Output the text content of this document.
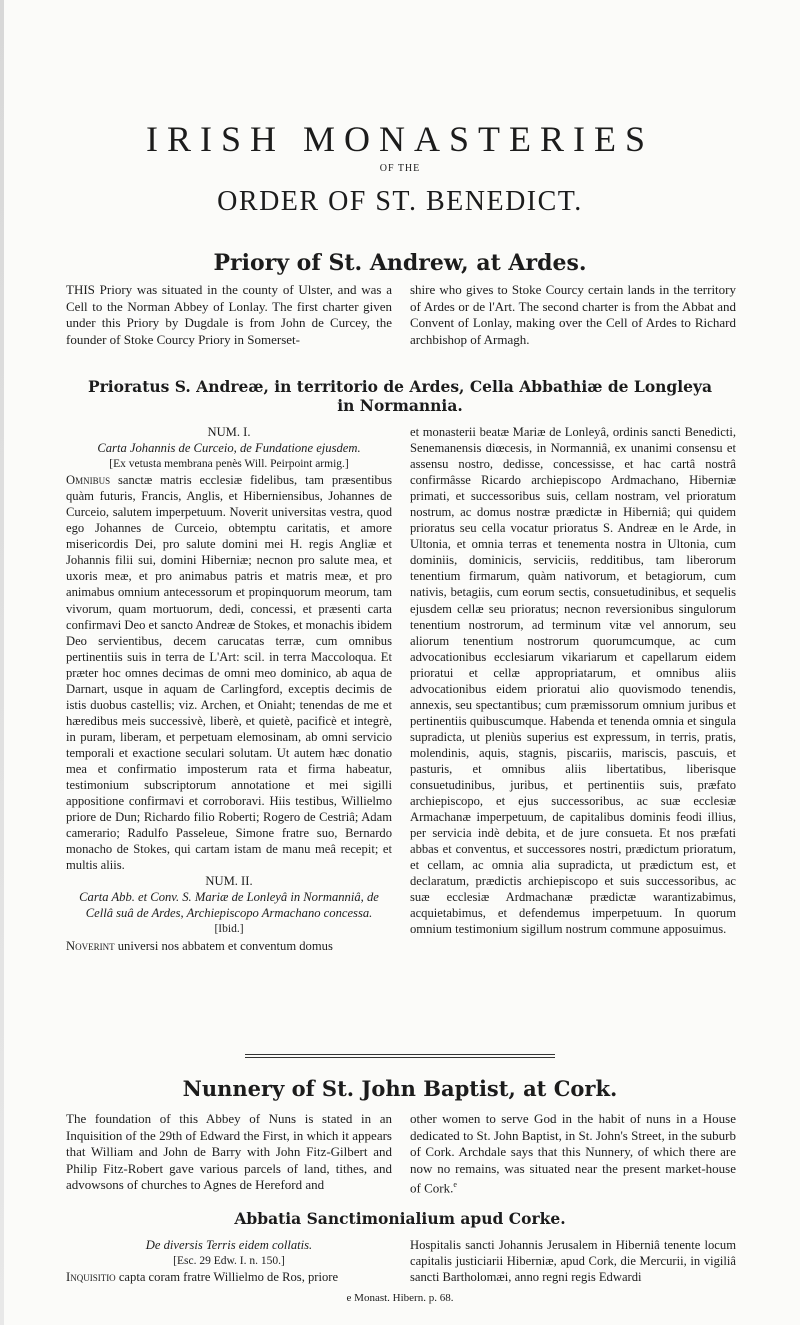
IRISH MONASTERIES
OF THE
ORDER OF ST. BENEDICT.
Priory of St. Andrew, at Ardes.

THIS Priory was situated in the county of Ulster, and was a Cell to the Norman Abbey of Lonlay. The first charter given under this Priory by Dugdale is from John de Curcey, the founder of Stoke Courcy Priory in Somerset-

shire who gives to Stoke Courcy certain lands in the territory of Ardes or de l'Art. The second charter is from the Abbat and Convent of Lonlay, making over the Cell of Ardes to Richard archbishop of Armagh.

Prioratus S. Andreæ, in territorio de Ardes, Cella Abbathiæ de Longleya
in Normannia.
NUM. I.
Carta Johannis de Curceio, de Fundatione ejusdem.
[Ex vetusta membrana penès Will. Peirpoint armig.]

Omnibus sanctæ matris ecclesiæ fidelibus, tam præsentibus quàm futuris, Francis, Anglis, et Hiberniensibus, Johannes de Curceio, salutem imperpetuum. Noverit universitas vestra, quod ego Johannes de Curceio, obtemptu caritatis, et amore misericordis Dei, pro salute domini mei H. regis Angliæ et Johannis filii sui, domini Hiberniæ; necnon pro salute mea, et uxoris meæ, et pro animabus patris et matris meæ, et pro animabus omnium antecessorum et propinquorum meorum, tam vivorum, quam mortuorum, dedi, concessi, et præsenti carta confirmavi Deo et sancto Andreæ de Stokes, et monachis ibidem Deo servientibus, decem carucatas terræ, cum omnibus pertinentiis suis in terra de L'Art: scil. in terra Maccoloqua. Et præter hoc omnes decimas de omni meo dominico, ab aqua de Darnart, usque in aquam de Carlingford, exceptis decimis de istis duobus castellis; viz. Archen, et Oniaht; tenendas de me et hæredibus meis successivè, liberè, et quietè, pacificè et integrè, in puram, liberam, et perpetuam elemosinam, ab omni servicio temporali et exactione seculari solutam. Ut autem hæc donatio mea et confirmatio imposterum rata et firma habeatur, testimonium subscriptorum annotatione et mei sigilli appositione confirmavi et corroboravi. Hiis testibus, Willielmo priore de Dun; Richardo filio Roberti; Rogero de Cestriâ; Adam camerario; Radulfo Passeleue, Simone fratre suo, Bernardo monacho de Stokes, qui cartam istam de manu meâ recepit; et multis aliis.

NUM. II.
Carta Abb. et Conv. S. Mariæ de Lonleyâ in Normanniâ, de Cellâ suâ de Ardes, Archiepiscopo Armachano concessa.
[Ibid.]

Noverint universi nos abbatem et conventum domus

et monasterii beatæ Mariæ de Lonleyâ, ordinis sancti Benedicti, Senemanensis diœcesis, in Normanniâ, ex unanimi consensu et assensu nostro, dedisse, concessisse, et hac cartâ nostrâ confirmâsse Ricardo archiepiscopo Ardmachano, Hiberniæ primati, et successoribus suis, cellam nostram, vel prioratum nostrum, ac domus nostræ prædictæ in Hiberniâ; qui quidem prioratus seu cella vocatur prioratus S. Andreæ en le Arde, in Ultonia, et omnia terras et tenementa nostra in Ultonia, cum dominiis, dominicis, serviciis, redditibus, tam liberorum tenentium firmarum, quàm nativorum, et betagiorum, cum nativis, betagiis, cum eorum sectis, consuetudinibus, et sequelis ejusdem cellæ seu prioratus; necnon reversionibus singulorum tenentium nostrorum, ad terminum vitæ vel annorum, seu aliorum tenentium nostrorum quorumcumque, ac cum advocationibus ecclesiarum vikariarum et capellarum eidem prioratui et cellæ appropriatarum, et omnibus aliis advocationibus eidem prioratui alio quovismodo tenendis, annexis, seu spectantibus; cum præmissorum omnium juribus et pertinentiis quibuscumque. Habenda et tenenda omnia et singula supradicta, ut pleniùs superius est expressum, in terris, pratis, molendinis, aquis, stagnis, piscariis, mariscis, pascuis, et pasturis, et omnibus aliis libertatibus, liberisque consuetudinibus, juribus, et pertinentiis suis, præfato archiepiscopo, et ejus successoribus, ac suæ ecclesiæ Armachanæ imperpetuum, de capitalibus dominis feodi illius, per servicia indè debita, et de jure consueta. Et nos præfati abbas et conventus, et successores nostri, prædictum prioratum, et cellam, ac omnia alia supradicta, ut prædictum est, et declaratum, prædictis archiepiscopo et suis successoribus, ac suæ ecclesiæ Ardmachanæ prædictæ warantizabimus, acquietabimus, et defendemus imperpetuum. In quorum omnium testimonium sigillum nostrum commune apposuimus.

Nunnery of St. John Baptist, at Cork.

The foundation of this Abbey of Nuns is stated in an Inquisition of the 29th of Edward the First, in which it appears that William and John de Barry with John Fitz-Gilbert and Philip Fitz-Robert gave various parcels of land, tithes, and advowsons of churches to Agnes de Hereford and

other women to serve God in the habit of nuns in a House dedicated to St. John Baptist, in St. John's Street, in the suburb of Cork. Archdale says that this Nunnery, of which there are now no remains, was situated near the present market-house of Cork.$^e$

Abbatia Sanctimonialium apud Corke.
De diversis Terris eidem collatis.
[Esc. 29 Edw. I. n. 150.]

Inquisitio capta coram fratre Willielmo de Ros, priore

Hospitalis sancti Johannis Jerusalem in Hiberniâ tenente locum capitalis justiciarii Hiberniæ, apud Cork, die Mercurii, in vigiliâ sancti Bartholomæi, anno regni regis Edwardi

e Monast. Hibern. p. 68.
